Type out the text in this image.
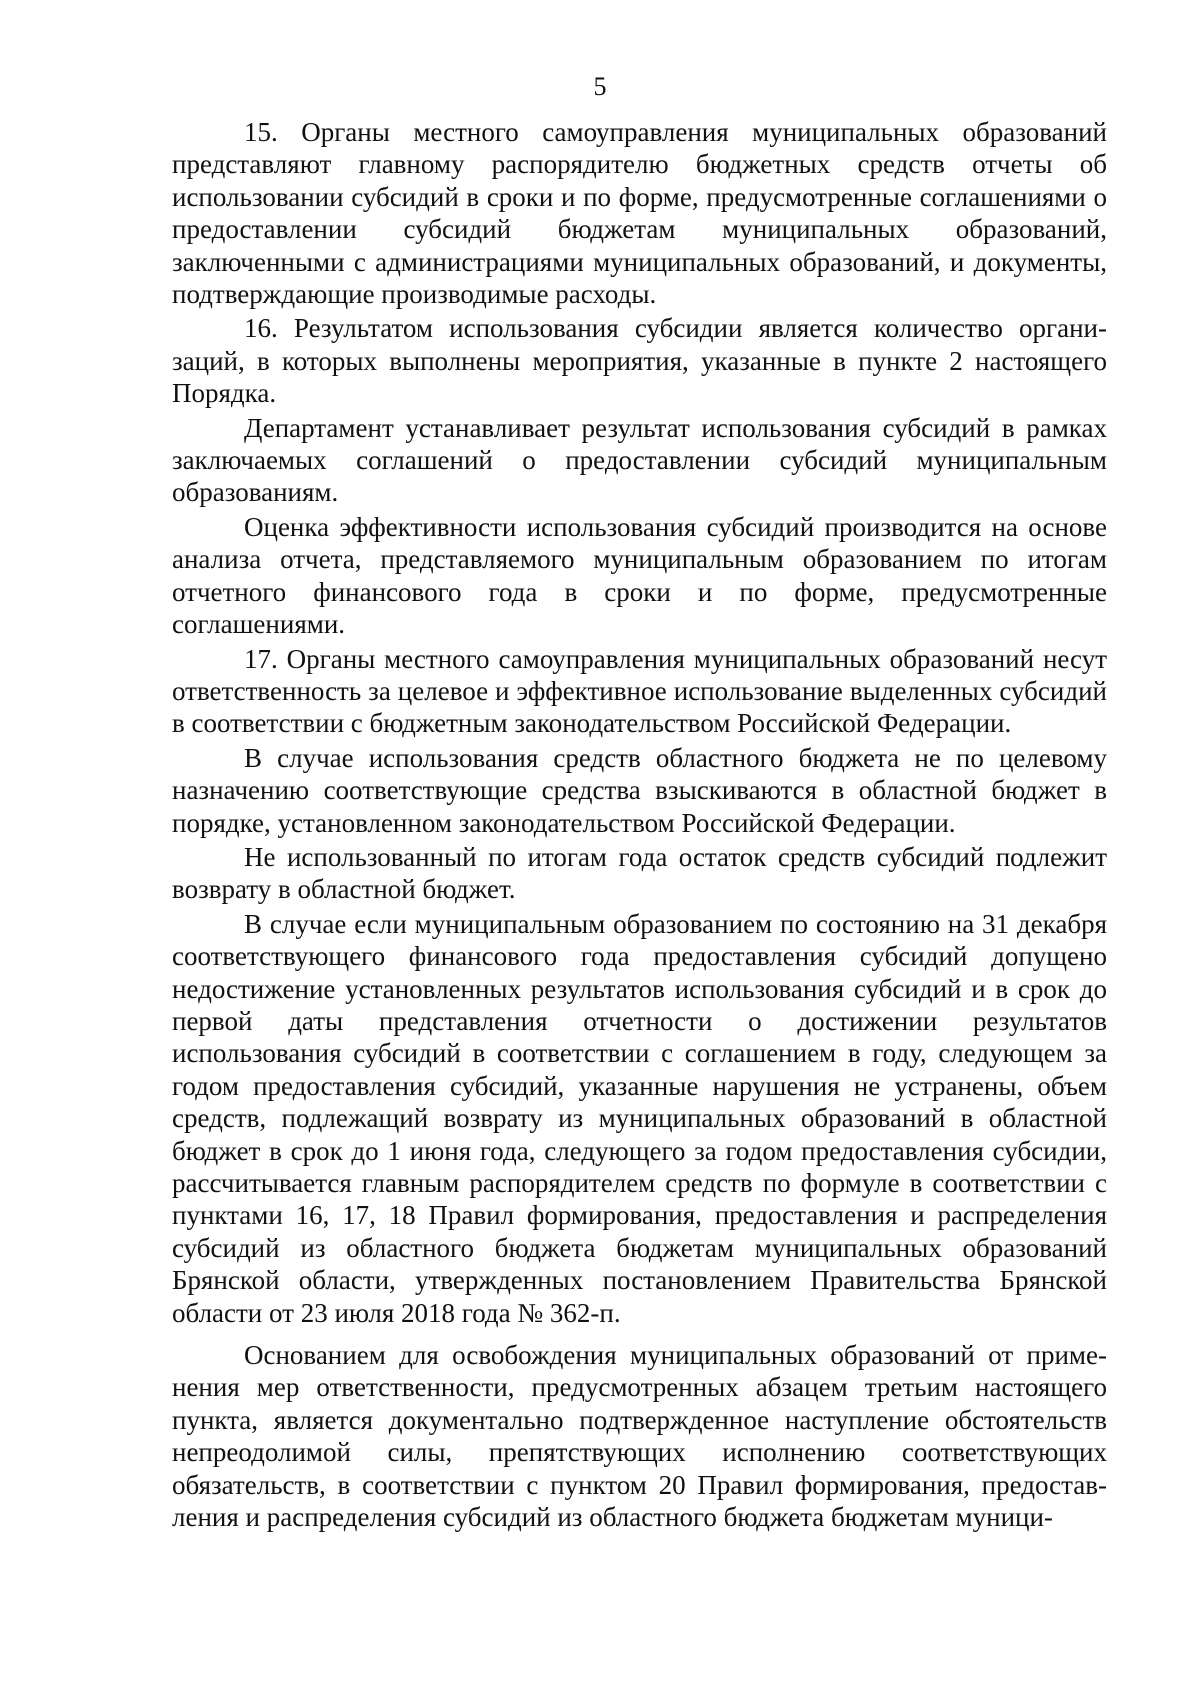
5

15. Органы местного самоуправления муниципальных образований представляют главному распорядителю бюджетных средств отчеты об использовании субсидий в сроки и по форме, предусмотренные соглашениями о предоставлении субсидий бюджетам муниципальных образований, заключенными с администрациями муниципальных образований, и документы, подтверждающие производимые расходы.

16. Результатом использования субсидии является количество организаций, в которых выполнены мероприятия, указанные в пункте 2 настоящего Порядка.

Департамент устанавливает результат использования субсидий в рамках заключаемых соглашений о предоставлении субсидий муниципальным образованиям.

Оценка эффективности использования субсидий производится на основе анализа отчета, представляемого муниципальным образованием по итогам отчетного финансового года в сроки и по форме, предусмотренные соглашениями.

17. Органы местного самоуправления муниципальных образований несут ответственность за целевое и эффективное использование выделенных субсидий в соответствии с бюджетным законодательством Российской Федерации.

В случае использования средств областного бюджета не по целевому назначению соответствующие средства взыскиваются в областной бюджет в порядке, установленном законодательством Российской Федерации.

Не использованный по итогам года остаток средств субсидий подлежит возврату в областной бюджет.

В случае если муниципальным образованием по состоянию на 31 декабря соответствующего финансового года предоставления субсидий допущено недостижение установленных результатов использования субсидий и в срок до первой даты представления отчетности о достижении результатов использования субсидий в соответствии с соглашением в году, следующем за годом предоставления субсидий, указанные нарушения не устранены, объем средств, подлежащий возврату из муниципальных образований в областной бюджет в срок до 1 июня года, следующего за годом предоставления субсидии, рассчитывается главным распорядителем средств по формуле в соответствии с пунктами 16, 17, 18 Правил формирования, предоставления и распределения субсидий из областного бюджета бюджетам муниципальных образований Брянской области, утвержденных постановлением Правительства Брянской области от 23 июля 2018 года № 362-п.

Основанием для освобождения муниципальных образований от применения мер ответственности, предусмотренных абзацем третьим настоящего пункта, является документально подтвержденное наступление обстоятельств непреодолимой силы, препятствующих исполнению соответствующих обязательств, в соответствии с пунктом 20 Правил формирования, предоставления и распределения субсидий из областного бюджета бюджетам муници-
